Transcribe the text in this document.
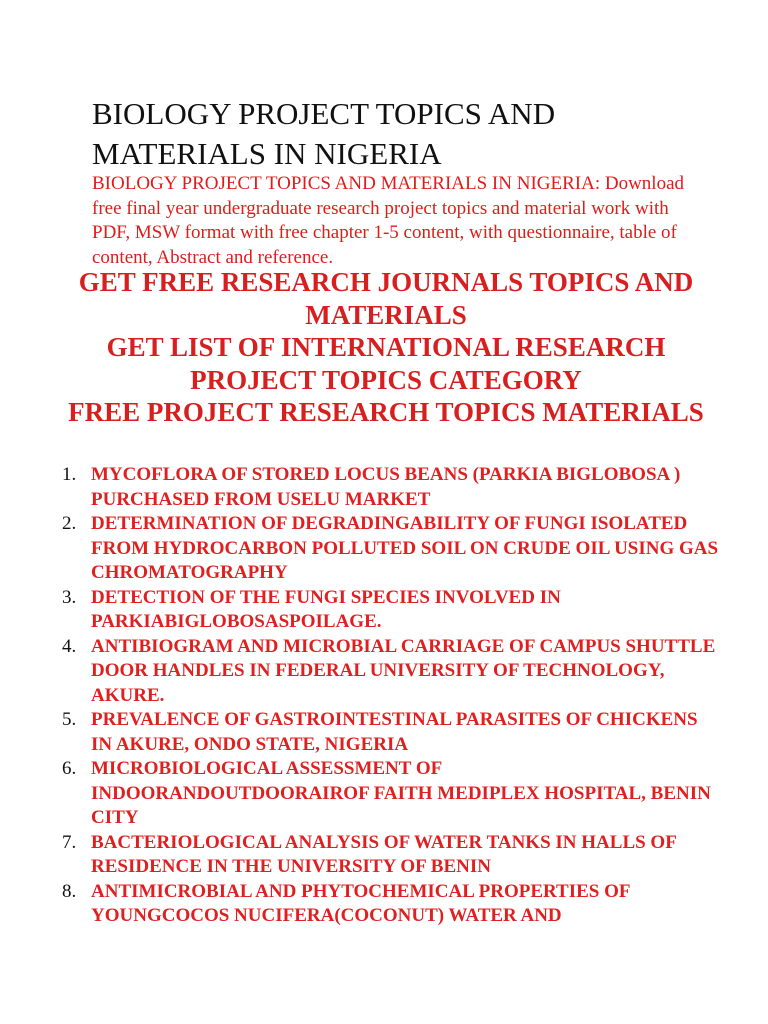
BIOLOGY PROJECT TOPICS AND MATERIALS IN NIGERIA
BIOLOGY PROJECT TOPICS AND MATERIALS IN NIGERIA: Download free final year undergraduate research project topics and material work with PDF, MSW format with free chapter 1-5 content, with questionnaire, table of content, Abstract and reference.
GET FREE RESEARCH JOURNALS TOPICS AND MATERIALS
GET LIST OF INTERNATIONAL RESEARCH PROJECT TOPICS CATEGORY
FREE PROJECT RESEARCH TOPICS MATERIALS
1. MYCOFLORA OF STORED LOCUS BEANS (PARKIA BIGLOBOSA ) PURCHASED FROM USELU MARKET
2. DETERMINATION OF DEGRADINGABILITY OF FUNGI ISOLATED FROM HYDROCARBON POLLUTED SOIL ON CRUDE OIL USING GAS CHROMATOGRAPHY
3. DETECTION OF THE FUNGI SPECIES INVOLVED IN PARKIABIGLOBOSASPOILAGE.
4. ANTIBIOGRAM AND MICROBIAL CARRIAGE OF CAMPUS SHUTTLE DOOR HANDLES IN FEDERAL UNIVERSITY OF TECHNOLOGY, AKURE.
5. PREVALENCE OF GASTROINTESTINAL PARASITES OF CHICKENS IN AKURE, ONDO STATE, NIGERIA
6. MICROBIOLOGICAL ASSESSMENT OF INDOORANDOUTDOORAIROF FAITH MEDIPLEX HOSPITAL, BENIN CITY
7. BACTERIOLOGICAL ANALYSIS OF WATER TANKS IN HALLS OF RESIDENCE IN THE UNIVERSITY OF BENIN
8. ANTIMICROBIAL AND PHYTOCHEMICAL PROPERTIES OF YOUNGCOCOS NUCIFERA(COCONUT) WATER AND
